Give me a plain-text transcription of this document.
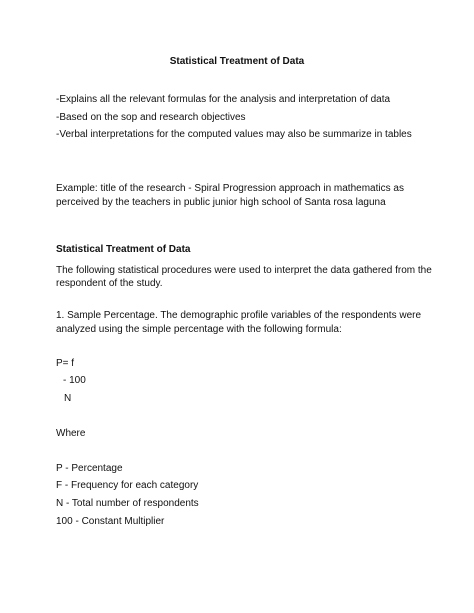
Statistical Treatment of Data
-Explains all the relevant formulas for the analysis and interpretation of data
-Based on the sop and research objectives
-Verbal interpretations for the computed values may also be summarize in tables
Example: title of the research - Spiral Progression approach in mathematics as
perceived by the teachers in public junior high school of Santa rosa laguna
Statistical Treatment of Data
The following statistical procedures were used to interpret the data gathered from the
respondent of the study.
1. Sample Percentage. The demographic profile variables of the respondents were
analyzed using the simple percentage with the following formula:
P= f
- 100
N
Where
P - Percentage
F - Frequency for each category
N - Total number of respondents
100 - Constant Multiplier
